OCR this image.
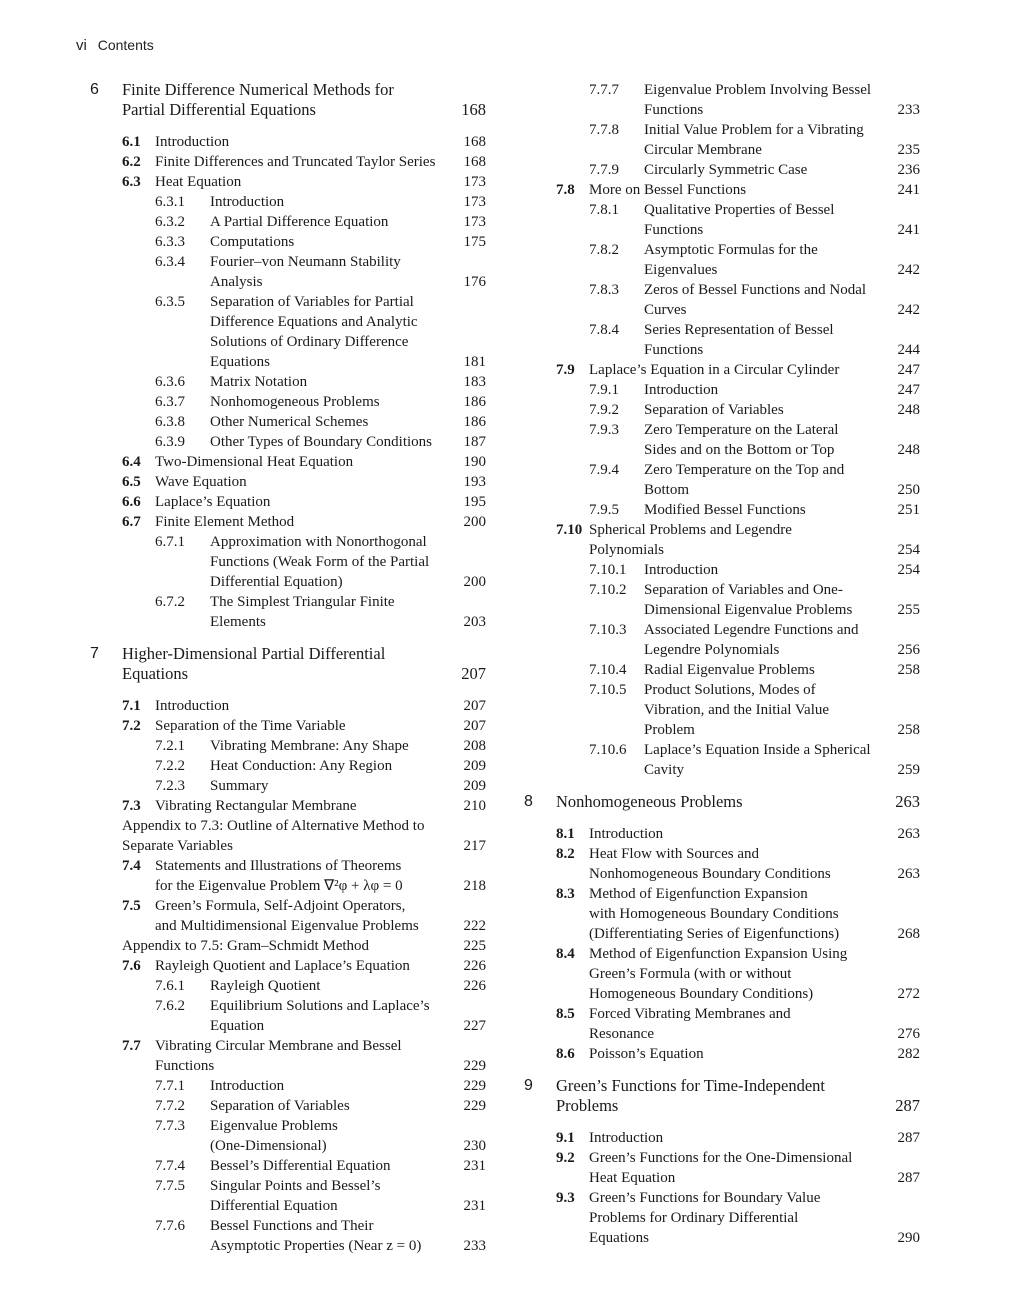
vi Contents
6 Finite Difference Numerical Methods for
Partial Differential Equations	168
6.1 Introduction	168
6.2 Finite Differences and Truncated Taylor Series	168
6.3 Heat Equation	173
6.3.1 Introduction	173
6.3.2 A Partial Difference Equation	173
6.3.3 Computations	175
6.3.4 Fourier–von Neumann Stability
Analysis	176
6.3.5 Separation of Variables for Partial
Difference Equations and Analytic
Solutions of Ordinary Difference
Equations	181
6.3.6 Matrix Notation	183
6.3.7 Nonhomogeneous Problems	186
6.3.8 Other Numerical Schemes	186
6.3.9 Other Types of Boundary Conditions	187
6.4 Two-Dimensional Heat Equation	190
6.5 Wave Equation	193
6.6 Laplace’s Equation	195
6.7 Finite Element Method	200
6.7.1 Approximation with Nonorthogonal
Functions (Weak Form of the Partial
Differential Equation)	200
6.7.2 The Simplest Triangular Finite
Elements	203
7 Higher-Dimensional Partial Differential
Equations	207
7.1 Introduction	207
7.2 Separation of the Time Variable	207
7.2.1 Vibrating Membrane: Any Shape	208
7.2.2 Heat Conduction: Any Region	209
7.2.3 Summary	209
7.3 Vibrating Rectangular Membrane	210
Appendix to 7.3: Outline of Alternative Method to
Separate Variables	217
7.4 Statements and Illustrations of Theorems
for the Eigenvalue Problem ∇²φ + λφ = 0	218
7.5 Green’s Formula, Self-Adjoint Operators,
and Multidimensional Eigenvalue Problems	222
Appendix to 7.5: Gram–Schmidt Method	225
7.6 Rayleigh Quotient and Laplace’s Equation	226
7.6.1 Rayleigh Quotient	226
7.6.2 Equilibrium Solutions and Laplace’s
Equation	227
7.7 Vibrating Circular Membrane and Bessel
Functions	229
7.7.1 Introduction	229
7.7.2 Separation of Variables	229
7.7.3 Eigenvalue Problems
(One-Dimensional)	230
7.7.4 Bessel’s Differential Equation	231
7.7.5 Singular Points and Bessel’s
Differential Equation	231
7.7.6 Bessel Functions and Their
Asymptotic Properties (Near z = 0)	233
7.7.7 Eigenvalue Problem Involving Bessel
Functions	233
7.7.8 Initial Value Problem for a Vibrating
Circular Membrane	235
7.7.9 Circularly Symmetric Case	236
7.8 More on Bessel Functions	241
7.8.1 Qualitative Properties of Bessel
Functions	241
7.8.2 Asymptotic Formulas for the
Eigenvalues	242
7.8.3 Zeros of Bessel Functions and Nodal
Curves	242
7.8.4 Series Representation of Bessel
Functions	244
7.9 Laplace’s Equation in a Circular Cylinder	247
7.9.1 Introduction	247
7.9.2 Separation of Variables	248
7.9.3 Zero Temperature on the Lateral
Sides and on the Bottom or Top	248
7.9.4 Zero Temperature on the Top and
Bottom	250
7.9.5 Modified Bessel Functions	251
7.10 Spherical Problems and Legendre
Polynomials	254
7.10.1 Introduction	254
7.10.2 Separation of Variables and One-
Dimensional Eigenvalue Problems	255
7.10.3 Associated Legendre Functions and
Legendre Polynomials	256
7.10.4 Radial Eigenvalue Problems	258
7.10.5 Product Solutions, Modes of
Vibration, and the Initial Value
Problem	258
7.10.6 Laplace’s Equation Inside a Spherical
Cavity	259
8 Nonhomogeneous Problems	263
8.1 Introduction	263
8.2 Heat Flow with Sources and
Nonhomogeneous Boundary Conditions	263
8.3 Method of Eigenfunction Expansion
with Homogeneous Boundary Conditions
(Differentiating Series of Eigenfunctions)	268
8.4 Method of Eigenfunction Expansion Using
Green’s Formula (with or without
Homogeneous Boundary Conditions)	272
8.5 Forced Vibrating Membranes and
Resonance	276
8.6 Poisson’s Equation	282
9 Green’s Functions for Time-Independent
Problems	287
9.1 Introduction	287
9.2 Green’s Functions for the One-Dimensional
Heat Equation	287
9.3 Green’s Functions for Boundary Value
Problems for Ordinary Differential
Equations	290
